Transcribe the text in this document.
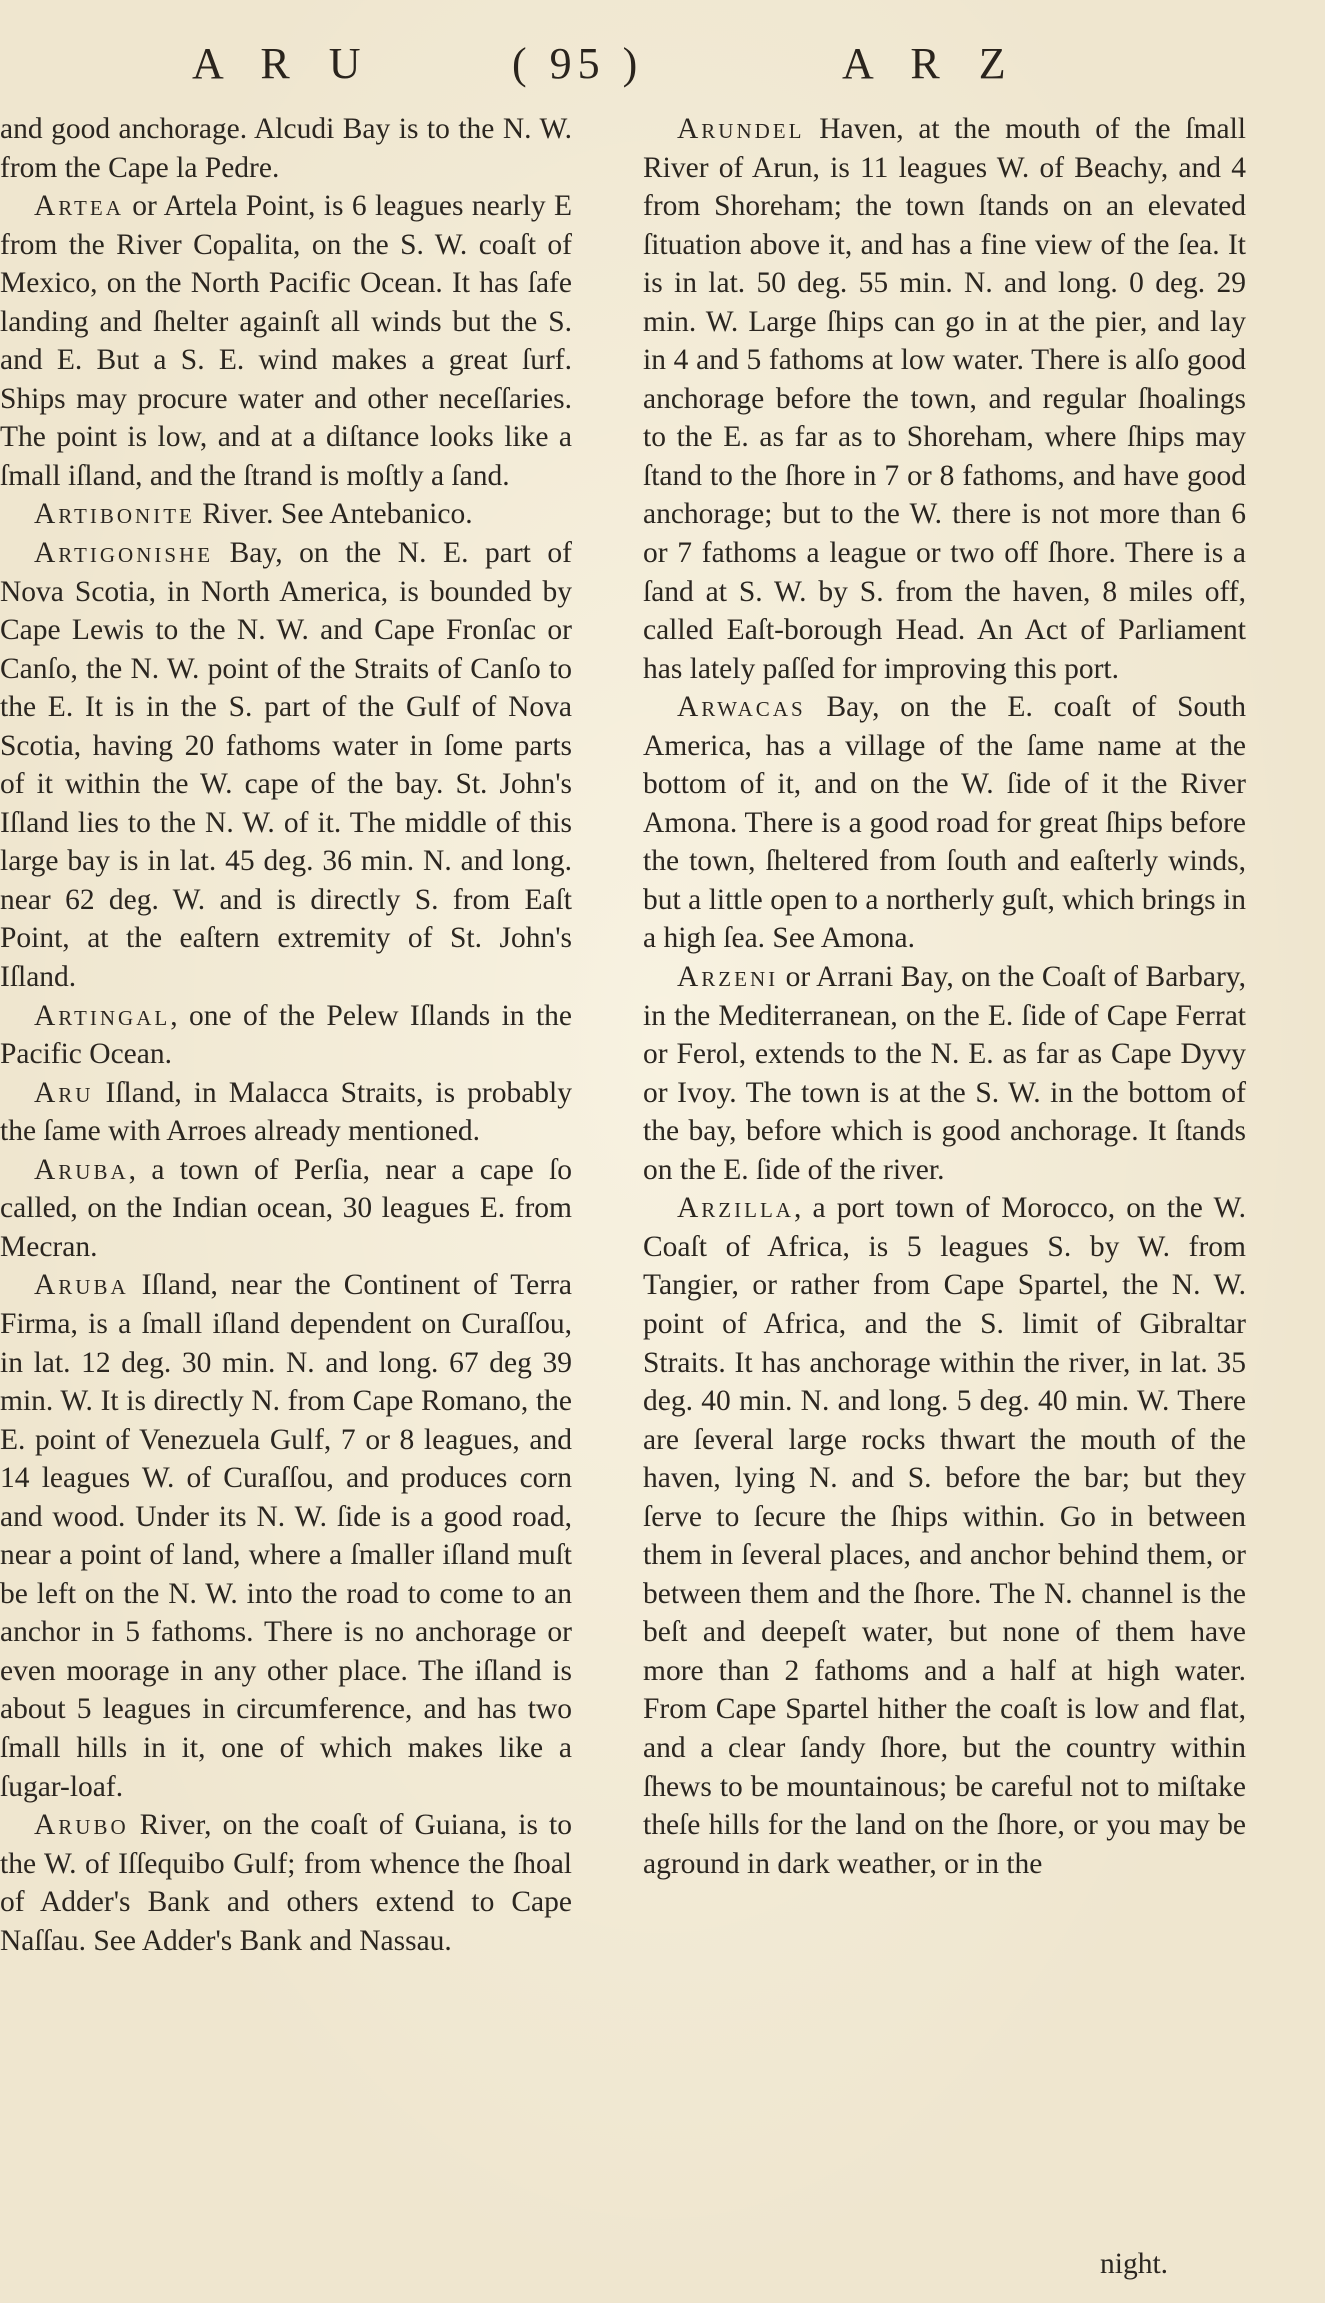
A R U	( 95 )	A R Z

and good anchorage. Alcudi Bay is to the N. W. from the Cape la Pedre.

Artea or Artela Point, is 6 leagues nearly E from the River Copalita, on the S. W. coaſt of Mexico, on the North Pacific Ocean. It has ſafe landing and ſhelter againſt all winds but the S. and E. But a S. E. wind makes a great ſurf. Ships may procure water and other neceſſaries. The point is low, and at a diſtance looks like a ſmall iſland, and the ſtrand is moſtly a ſand.

Artibonite River. See Antebanico.

Artigonishe Bay, on the N. E. part of Nova Scotia, in North America, is bounded by Cape Lewis to the N. W. and Cape Fronſac or Canſo, the N. W. point of the Straits of Canſo to the E. It is in the S. part of the Gulf of Nova Scotia, having 20 fathoms water in ſome parts of it within the W. cape of the bay. St. John's Iſland lies to the N. W. of it. The middle of this large bay is in lat. 45 deg. 36 min. N. and long. near 62 deg. W. and is directly S. from Eaſt Point, at the eaſtern extremity of St. John's Iſland.

Artingal, one of the Pelew Iſlands in the Pacific Ocean.

Aru Iſland, in Malacca Straits, is probably the ſame with Arroes already mentioned.

Aruba, a town of Perſia, near a cape ſo called, on the Indian ocean, 30 leagues E. from Mecran.

Aruba Iſland, near the Continent of Terra Firma, is a ſmall iſland dependent on Curaſſou, in lat. 12 deg. 30 min. N. and long. 67 deg 39 min. W. It is directly N. from Cape Romano, the E. point of Venezuela Gulf, 7 or 8 leagues, and 14 leagues W. of Curaſſou, and produces corn and wood. Under its N. W. ſide is a good road, near a point of land, where a ſmaller iſland muſt be left on the N. W. into the road to come to an anchor in 5 fathoms. There is no anchorage or even moorage in any other place. The iſland is about 5 leagues in circumference, and has two ſmall hills in it, one of which makes like a ſugar-loaf.

Arubo River, on the coaſt of Guiana, is to the W. of Iſſequibo Gulf; from whence the ſhoal of Adder's Bank and others extend to Cape Naſſau. See Adder's Bank and Nassau.

Arundel Haven, at the mouth of the ſmall River of Arun, is 11 leagues W. of Beachy, and 4 from Shoreham; the town ſtands on an elevated ſituation above it, and has a fine view of the ſea. It is in lat. 50 deg. 55 min. N. and long. 0 deg. 29 min. W. Large ſhips can go in at the pier, and lay in 4 and 5 fathoms at low water. There is alſo good anchorage before the town, and regular ſhoalings to the E. as far as to Shoreham, where ſhips may ſtand to the ſhore in 7 or 8 fathoms, and have good anchorage; but to the W. there is not more than 6 or 7 fathoms a league or two off ſhore. There is a ſand at S. W. by S. from the haven, 8 miles off, called Eaſt-borough Head. An Act of Parliament has lately paſſed for improving this port.

Arwacas Bay, on the E. coaſt of South America, has a village of the ſame name at the bottom of it, and on the W. ſide of it the River Amona. There is a good road for great ſhips before the town, ſheltered from ſouth and eaſterly winds, but a little open to a northerly guſt, which brings in a high ſea. See Amona.

Arzeni or Arrani Bay, on the Coaſt of Barbary, in the Mediterranean, on the E. ſide of Cape Ferrat or Ferol, extends to the N. E. as far as Cape Dyvy or Ivoy. The town is at the S. W. in the bottom of the bay, before which is good anchorage. It ſtands on the E. ſide of the river.

Arzilla, a port town of Morocco, on the W. Coaſt of Africa, is 5 leagues S. by W. from Tangier, or rather from Cape Spartel, the N. W. point of Africa, and the S. limit of Gibraltar Straits. It has anchorage within the river, in lat. 35 deg. 40 min. N. and long. 5 deg. 40 min. W. There are ſeveral large rocks thwart the mouth of the haven, lying N. and S. before the bar; but they ſerve to ſecure the ſhips within. Go in between them in ſeveral places, and anchor behind them, or between them and the ſhore. The N. channel is the beſt and deepeſt water, but none of them have more than 2 fathoms and a half at high water. From Cape Spartel hither the coaſt is low and flat, and a clear ſandy ſhore, but the country within ſhews to be mountainous; be careful not to miſtake theſe hills for the land on the ſhore, or you may be aground in dark weather, or in the

night.
